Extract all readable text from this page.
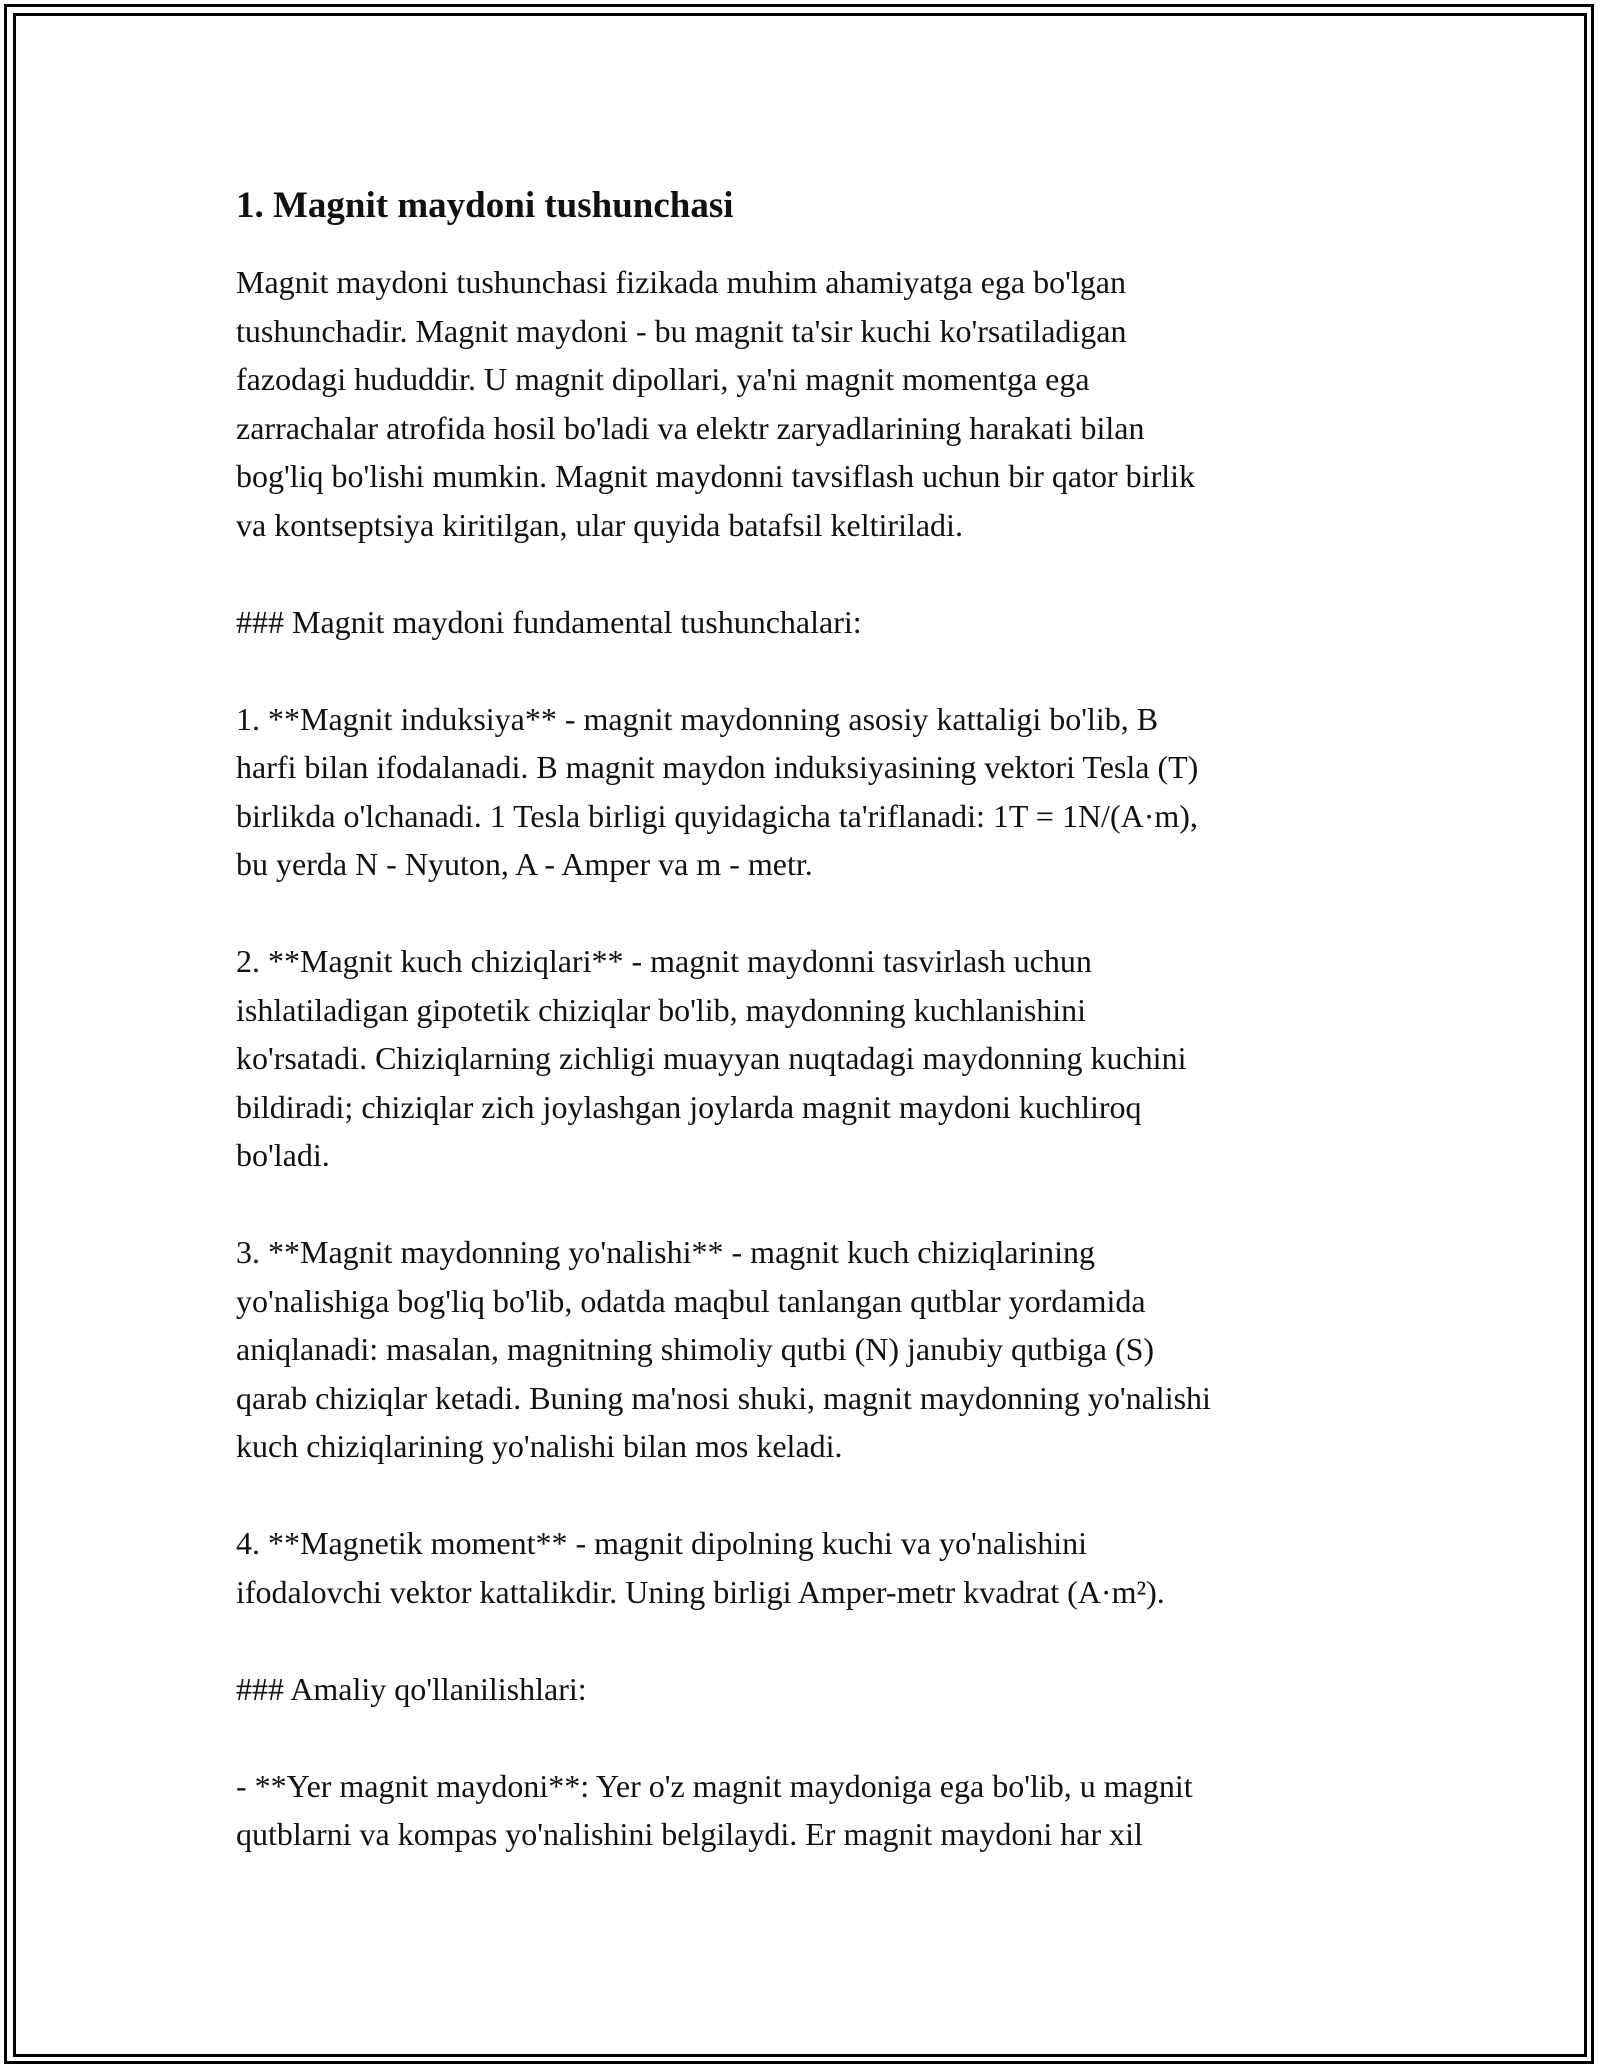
1. Magnit maydoni tushunchasi
Magnit maydoni tushunchasi fizikada muhim ahamiyatga ega bo'lgan
tushunchadir. Magnit maydoni - bu magnit ta'sir kuchi ko'rsatiladigan
fazodagi hududdir. U magnit dipollari, ya'ni magnit momentga ega
zarrachalar atrofida hosil bo'ladi va elektr zaryadlarining harakati bilan
bog'liq bo'lishi mumkin. Magnit maydonni tavsiflash uchun bir qator birlik
va kontseptsiya kiritilgan, ular quyida batafsil keltiriladi.
### Magnit maydoni fundamental tushunchalari:
1. **Magnit induksiya** - magnit maydonning asosiy kattaligi bo'lib, B
harfi bilan ifodalanadi. B magnit maydon induksiyasining vektori Tesla (T)
birlikda o'lchanadi. 1 Tesla birligi quyidagicha ta'riflanadi: 1T = 1N/(A·m),
bu yerda N - Nyuton, A - Amper va m - metr.
2. **Magnit kuch chiziqlari** - magnit maydonni tasvirlash uchun
ishlatiladigan gipotetik chiziqlar bo'lib, maydonning kuchlanishini
ko'rsatadi. Chiziqlarning zichligi muayyan nuqtadagi maydonning kuchini
bildiradi; chiziqlar zich joylashgan joylarda magnit maydoni kuchliroq
bo'ladi.
3. **Magnit maydonning yo'nalishi** - magnit kuch chiziqlarining
yo'nalishiga bog'liq bo'lib, odatda maqbul tanlangan qutblar yordamida
aniqlanadi: masalan, magnitning shimoliy qutbi (N) janubiy qutbiga (S)
qarab chiziqlar ketadi. Buning ma'nosi shuki, magnit maydonning yo'nalishi
kuch chiziqlarining yo'nalishi bilan mos keladi.
4. **Magnetik moment** - magnit dipolning kuchi va yo'nalishini
ifodalovchi vektor kattalikdir. Uning birligi Amper-metr kvadrat (A·m²).
### Amaliy qo'llanilishlari:
- **Yer magnit maydoni**: Yer o'z magnit maydoniga ega bo'lib, u magnit
qutblarni va kompas yo'nalishini belgilaydi. Er magnit maydoni har xil
